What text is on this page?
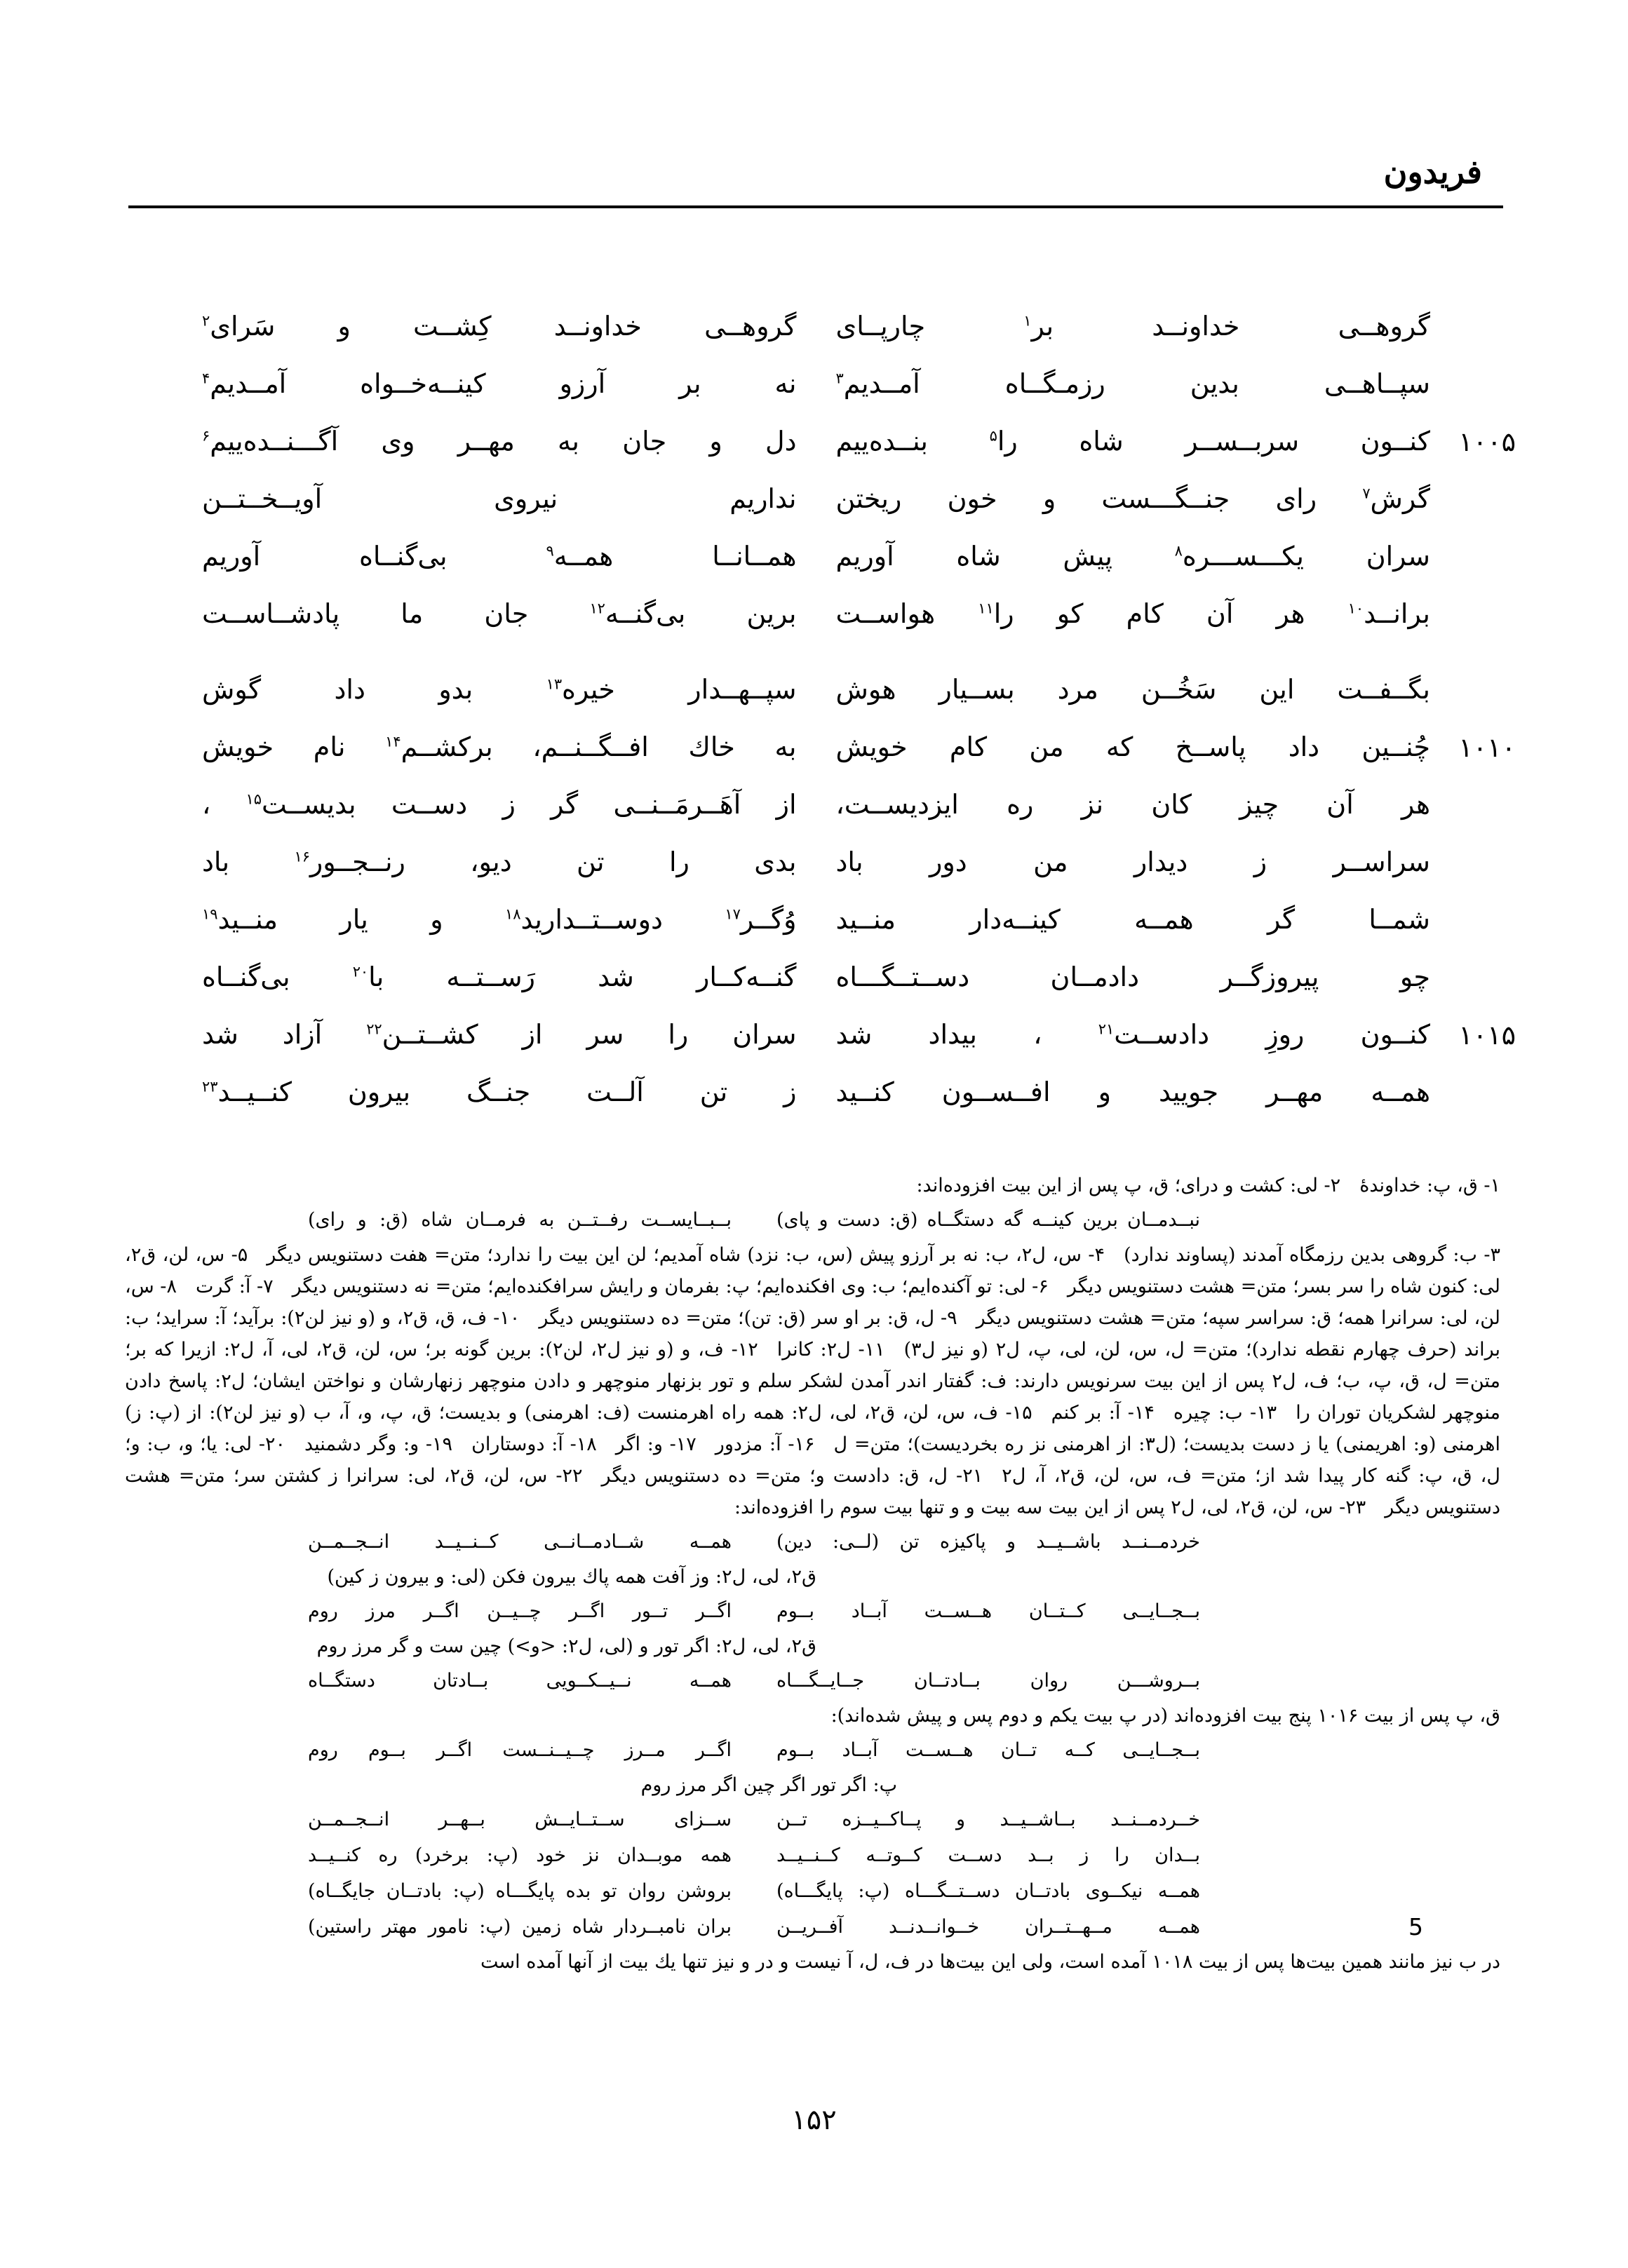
فریدون
گروهــی خداونــد بر$^۱$ چارپــای
گروهــی خداونــد کِشــت و سَرای$^۲$
سپــاهــی بدین رزمـگــاه آمــدیم$^۳$
نه بر آرزو کینــه‌خــواه آمــدیم$^۴$
۱۰۰۵
کنــون سربــســر شاه را$^۵$ بنــده‌ییم
دل و جان به مهــر وی آگـــنــده‌ییم$^۶$
گرش$^۷$ رای جنــگـــست و خون ریختن
نداریم نیروی آویــخــتــن
سران یکـــســـره$^۸$ پیش شاه آوریم
همــانــا همــه$^۹$ بی‌گنــاه آوریم
برانــد$^{۱۰}$ هر آن کام کو را$^{۱۱}$ هواســت
برین بی‌گنــه$^{۱۲}$ جان ما پادشــاســت
بگــفــت این سَخُــن مرد بســیار هوش
سپــهــدار خیره$^{۱۳}$ بدو داد گوش
۱۰۱۰
چُنــین داد پاســخ که من کام خویش
به خاك افــگــنــم، برکشــم$^{۱۴}$ نام خویش
هر آن چیز کان نز ره ایزدیســت،
از آهَــرمَــنــی گر ز دســت بدیســت$^{۱۵}$ ،
سراســر ز دیدار من دور باد
بدی را تن دیو، رنــجــور$^{۱۶}$ باد
شمــا گر همــه کینــه‌دار منــید
وُگــر$^{۱۷}$ دوســتــدارید$^{۱۸}$ و یار منــید$^{۱۹}$
چو پیروزگــر دادمــان دســتــگـــاه
گنــه‌کــار شد رَســتــه با$^{۲۰}$ بی‌گنــاه
۱۰۱۵
کنــون روزِ دادســت$^{۲۱}$ ، بیداد شد
سران را سر از کشــتــن$^{۲۲}$ آزاد شد
همــه مهــر جویید و افــســون کنــید
ز تن آلــت جنــگ بیرون کنــیــد$^{۲۳}$

۱- ق، پ: خداوندهٔ  ۲- لی: کشت و درای؛ ق، پ پس از این بیت افزوده‌اند:

نبــدمــان برین کینــه گه دستگــاه (ق: دست و پای)
بــبــایســت رفــتــن به فرمــان شاه (ق: و رای)

۳- ب: گروهی بدین رزمگاه آمدند (پساوند ندارد)  ۴- س، ل۲، ب: نه بر آرزو پیش (س، ب: نزد) شاه آمدیم؛ لن این بیت را ندارد؛ متن= هفت دستنویس دیگر  ۵- س، لن، ق۲، لی: کنون شاه را سر بسر؛ متن= هشت دستنویس دیگر  ۶- لی: تو آکنده‌ایم؛ ب: وی افکنده‌ایم؛ پ: بفرمان و رایش سرافکنده‌ایم؛ متن= نه دستنویس دیگر  ۷- آ: گرت  ۸- س، لن، لی: سرانرا همه؛ ق: سراسر سپه؛ متن= هشت دستنویس دیگر  ۹- ل، ق: بر او سر (ق: تن)؛ متن= ده دستنویس دیگر  ۱۰- ف، ق، ق۲، و (و نیز لن۲): برآید؛ آ: سراید؛ ب: براند (حرف چهارم نقطه ندارد)؛ متن= ل، س، لن، لی، پ، ل۲ (و نیز ل۳)  ۱۱- ل۲: کانرا  ۱۲- ف، و (و نیز ل۲، لن۲): برین گونه بر؛ س، لن، ق۲، لی، آ، ل۲: ازیرا که بر؛ متن= ل، ق، پ، ب؛ ف، ل۲ پس از این بیت سرنویس دارند: ف: گفتار اندر آمدن لشکر سلم و تور بزنهار منوچهر و دادن منوچهر زنهارشان و نواختن ایشان؛ ل۲: پاسخ دادن منوچهر لشکریان توران را  ۱۳- ب: چیره  ۱۴- آ: بر کنم  ۱۵- ف، س، لن، ق۲، لی، ل۲: همه راه اهرمنست (ف: اهرمنی) و بدیست؛ ق، پ، و، آ، ب (و نیز لن۲): از (پ: ز) اهرمنی (و: اهریمنی) یا ز دست بدیست؛ (ل۳: از اهرمنی نز ره بخردیست)؛ متن= ل  ۱۶- آ: مزدور  ۱۷- و: اگر  ۱۸- آ: دوستاران  ۱۹- و: وگر دشمنید  ۲۰- لی: یا؛ و، ب: و؛ ل، ق، پ: گنه کار پیدا شد از؛ متن= ف، س، لن، ق۲، آ، ل۲  ۲۱- ل، ق: دادست و؛ متن= ده دستنویس دیگر  ۲۲- س، لن، ق۲، لی: سرانرا ز کشتن سر؛ متن= هشت دستنویس دیگر  ۲۳- س، لن، ق۲، لی، ل۲ پس از این بیت سه بیت و و تنها بیت سوم را افزوده‌اند:

خردمــنــد باشــیــد و پاکیزه تن (لــی: دین)
همــه شــادمــانــی کــنــیــد انــجــمــن

ق۲، لی، ل۲: وز آفت همه پاك بیرون فکن (لی: و بیرون ز کین)

بــجــایــی کــتــان هــســت آبــاد بــوم
اگــر تــور اگــر چــیــن اگــر مرز روم

ق۲، لی، ل۲: اگر تور و (لی، ل۲: <و>) چین ست و گر مرز روم

بــروشـــن روان بــادتــان جــایــگـــاه
همــه نــیــکــویی بــادتان دستگــاه

ق، پ پس از بیت ۱۰۱۶ پنج بیت افزوده‌اند (در پ بیت یکم و دوم پس و پیش شده‌اند):

بــجــایــی کــه تــان هــســت آبــاد بــوم
اگــر مــرز چــیــنــست اگــر بــوم روم

پ: اگر تور اگر چین اگر مرز روم

خــردمــنــد بــاشــیــد و پــاکــیــزه تــن
ســزای ســتــایــش بــهــر انــجــمــن
بــدان را ز بــد دســت کــوتــه کــنــیــد
همه موبــدان نز خود (پ: برخرد) ره کنــیــد
همــه نیکــوی بادتــان دســتــگـــاه (پ: پایگـــاه)
بروشن روان تو بده پایگـــاه (پ: بادتــان جایگــاه)
5
همــه مــهــتــران خــوانــدنــد آفــریــن
بران نامبــردار شاه زمین (پ: نامور مهتر راستین)

در ب نیز مانند همین بیت‌ها پس از بیت ۱۰۱۸ آمده است، ولی این بیت‌ها در ف، ل، آ نیست و در و نیز تنها یك بیت از آنها آمده است

۱۵۲
